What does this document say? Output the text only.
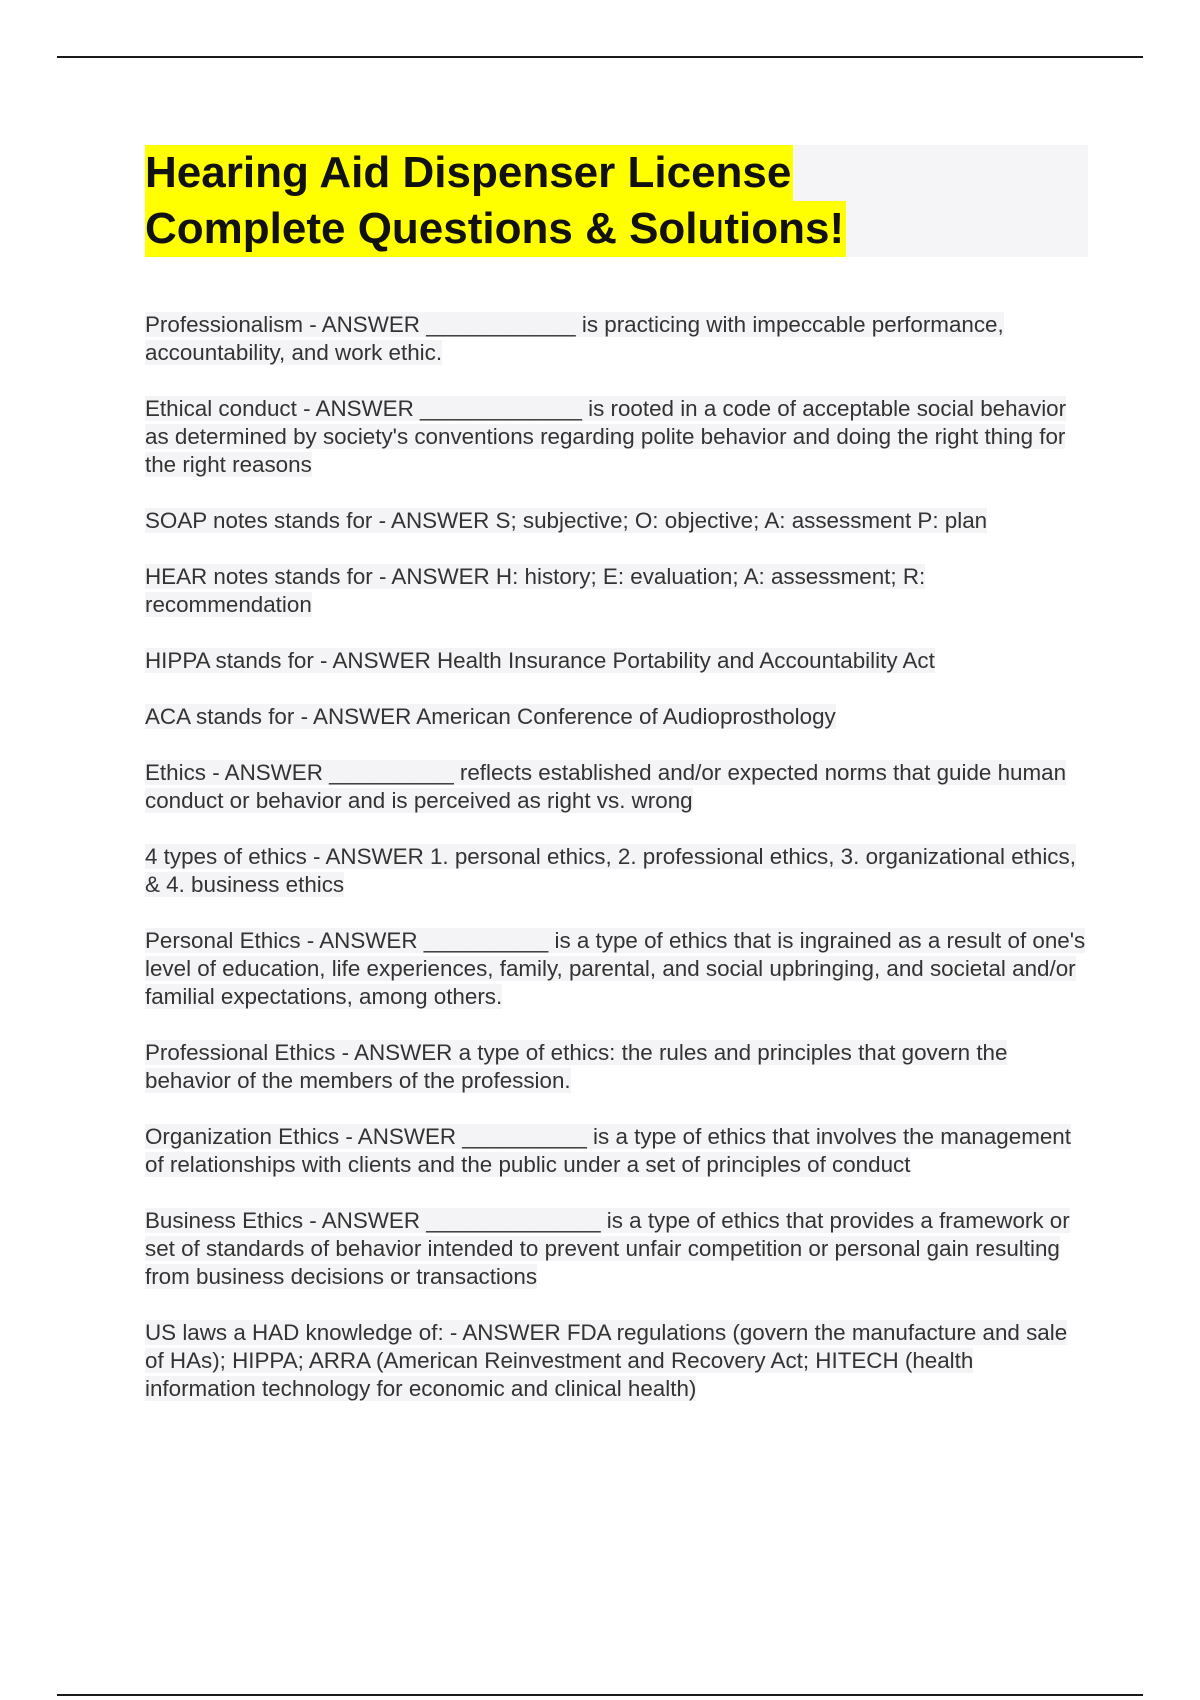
Hearing Aid Dispenser License
Complete Questions & Solutions!

Professionalism - ANSWER ____________ is practicing with impeccable performance, accountability, and work ethic.

Ethical conduct - ANSWER _____________ is rooted in a code of acceptable social behavior as determined by society's conventions regarding polite behavior and doing the right thing for the right reasons

SOAP notes stands for - ANSWER S; subjective; O: objective; A: assessment P: plan

HEAR notes stands for - ANSWER H: history; E: evaluation; A: assessment; R: recommendation

HIPPA stands for - ANSWER Health Insurance Portability and Accountability Act

ACA stands for - ANSWER American Conference of Audioprosthology

Ethics - ANSWER __________ reflects established and/or expected norms that guide human conduct or behavior and is perceived as right vs. wrong

4 types of ethics - ANSWER 1. personal ethics, 2. professional ethics, 3. organizational ethics, & 4. business ethics

Personal Ethics - ANSWER __________ is a type of ethics that is ingrained as a result of one's level of education, life experiences, family, parental, and social upbringing, and societal and/or familial expectations, among others.

Professional Ethics - ANSWER a type of ethics: the rules and principles that govern the behavior of the members of the profession.

Organization Ethics - ANSWER __________ is a type of ethics that involves the management of relationships with clients and the public under a set of principles of conduct

Business Ethics - ANSWER ______________ is a type of ethics that provides a framework or set of standards of behavior intended to prevent unfair competition or personal gain resulting from business decisions or transactions

US laws a HAD knowledge of: - ANSWER FDA regulations (govern the manufacture and sale of HAs); HIPPA; ARRA (American Reinvestment and Recovery Act; HITECH (health information technology for economic and clinical health)
